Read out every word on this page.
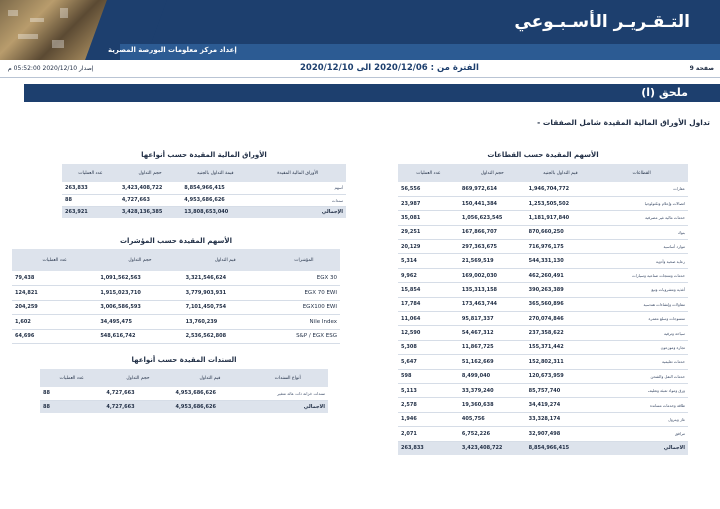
التـقـريـر الأسـبـوعي
إعداد مركز معلومات البورصة المصرية
صفحة 9
الفترة من : 2020/12/06 الى 2020/12/10
إصدار 2020/12/10 05:52:00 م
ملحق (ا)
- تداول الأوراق المالية المقيدة شامل الصفقات
الأسهم المقيدة حسب القطاعات
الأوراق المالية المقيدة حسب أنواعها
الأسهم المقيدة حسب المؤشرات
السندات المقيدة حسب أنواعها
القطاعات	قيم التداول بالجنيه	حجم التداول	عدد العمليات
عقارات	1,946,704,772	869,972,614	56,556
اتصالات وإعلام وتكنولوجيا	1,253,505,502	150,441,384	23,987
خدمات مالية غير مصرفية	1,181,917,840	1,056,623,545	35,081
بنوك	870,660,250	167,866,707	29,251
موارد أساسية	716,976,175	297,363,675	20,129
رعاية صحية وأدوية	544,331,130	21,569,519	5,314
خدمات ومنتجات صناعية وسيارات	462,260,491	169,002,030	9,962
أغذية ومشروبات وتبغ	390,263,389	135,313,158	15,854
مقاولات وإنشاءات هندسية	365,560,896	173,463,744	17,784
منسوجات وسلع معمرة	270,074,846	95,817,337	11,064
سياحة وترفيه	237,358,622	54,467,312	12,590
تجارة وموزعون	155,371,442	11,867,725	5,308
خدمات تعليمية	152,802,311	51,162,669	5,647
خدمات النقل والشحن	120,673,959	8,499,040	598
ورق ومواد تعبئة وتغليف	85,757,740	33,379,240	5,113
طاقة وخدمات مساندة	34,419,274	19,360,638	2,578
غاز وبترول	33,328,174	405,756	1,946
مرافق	32,907,498	6,752,226	2,071
الاجمالي	8,854,966,415	3,423,408,722	263,833
الأوراق المالية المقيدة	قيمة التداول بالجنيه	حجم التداول	عدد العمليات
أسهم	8,854,966,415	3,423,408,722	263,833
سندات	4,953,686,626	4,727,663	88
الإجمالي	13,808,653,040	3,428,136,385	263,921
المؤشرات	قيم التداول	حجم التداول	عدد العمليات
EGX 30	3,321,546,624	1,091,562,563	79,438
EGX 70 EWI	3,779,903,931	1,915,023,710	124,821
EGX100 EWI	7,101,450,754	3,006,586,593	204,259
Nile Index	13,760,239	34,495,475	1,602
S&P / EGX ESG	2,536,562,808	548,616,742	64,696
أنواع السندات	قيم التداول	حجم التداول	عدد العمليات
سندات خزانة ذات عائد متغير	4,953,686,626	4,727,663	88
الاجمالي	4,953,686,626	4,727,663	88
